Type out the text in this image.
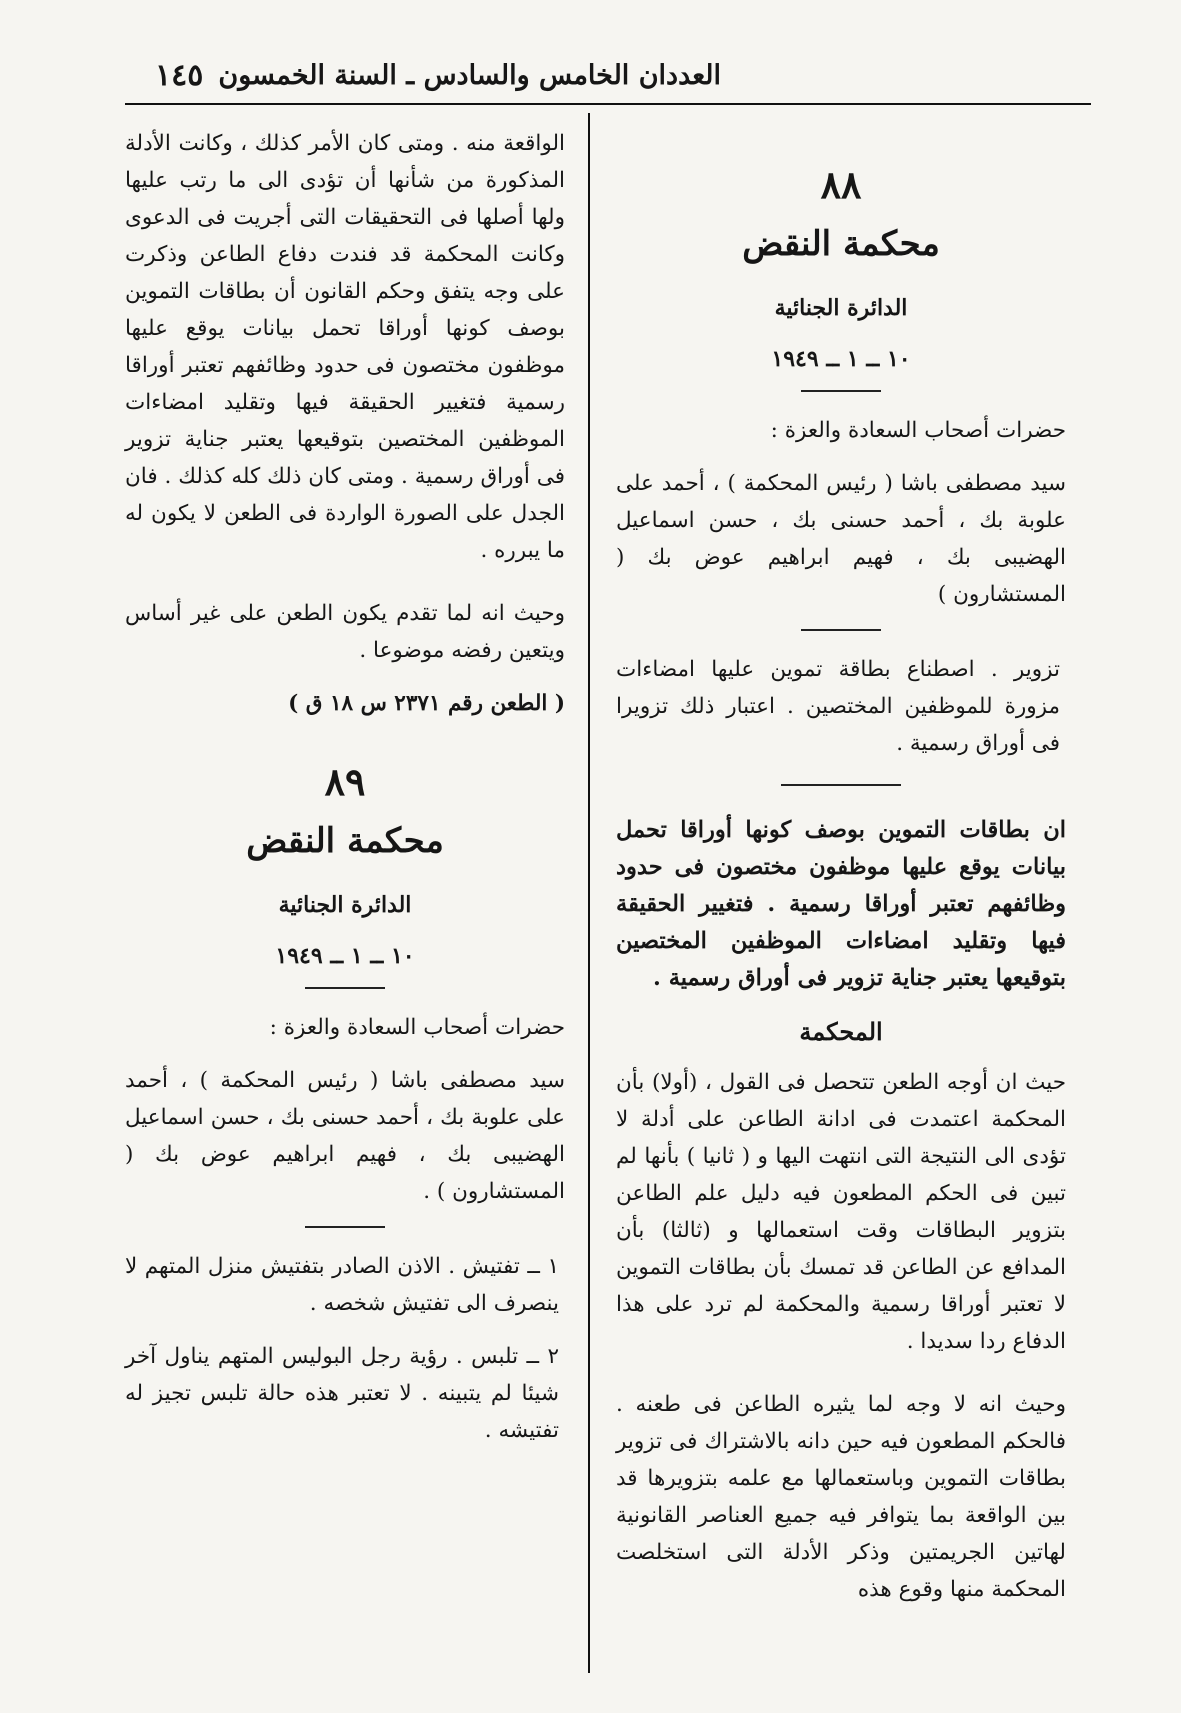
العددان الخامس والسادس ـ السنة الخمسون
١٤٥
٨٨
محكمة النقض
الدائرة الجنائية
١٠ ــ ١ ــ ١٩٤٩

حضرات أصحاب السعادة والعزة :

سيد مصطفى باشا ( رئيس المحكمة ) ، أحمد على علوبة بك ، أحمد حسنى بك ، حسن اسماعيل الهضيبى بك ، فهيم ابراهيم عوض بك ( المستشارون )

تزوير . اصطناع بطاقة تموين عليها امضاءات مزورة للموظفين المختصين . اعتبار ذلك تزويرا فى أوراق رسمية .

ان بطاقات التموين بوصف كونها أوراقا تحمل بيانات يوقع عليها موظفون مختصون فى حدود وظائفهم تعتبر أوراقا رسمية . فتغيير الحقيقة فيها وتقليد امضاءات الموظفين المختصين بتوقيعها يعتبر جناية تزوير فى أوراق رسمية .

المحكمة

حيث ان أوجه الطعن تتحصل فى القول ، (أولا) بأن المحكمة اعتمدت فى ادانة الطاعن على أدلة لا تؤدى الى النتيجة التى انتهت اليها و ( ثانيا ) بأنها لم تبين فى الحكم المطعون فيه دليل علم الطاعن بتزوير البطاقات وقت استعمالها و (ثالثا) بأن المدافع عن الطاعن قد تمسك بأن بطاقات التموين لا تعتبر أوراقا رسمية والمحكمة لم ترد على هذا الدفاع ردا سديدا .

وحيث انه لا وجه لما يثيره الطاعن فى طعنه . فالحكم المطعون فيه حين دانه بالاشتراك فى تزوير بطاقات التموين وباستعمالها مع علمه بتزويرها قد بين الواقعة بما يتوافر فيه جميع العناصر القانونية لهاتين الجريمتين وذكر الأدلة التى استخلصت المحكمة منها وقوع هذه

الواقعة منه . ومتى كان الأمر كذلك ، وكانت الأدلة المذكورة من شأنها أن تؤدى الى ما رتب عليها ولها أصلها فى التحقيقات التى أجريت فى الدعوى وكانت المحكمة قد فندت دفاع الطاعن وذكرت على وجه يتفق وحكم القانون أن بطاقات التموين بوصف كونها أوراقا تحمل بيانات يوقع عليها موظفون مختصون فى حدود وظائفهم تعتبر أوراقا رسمية فتغيير الحقيقة فيها وتقليد امضاءات الموظفين المختصين بتوقيعها يعتبر جناية تزوير فى أوراق رسمية . ومتى كان ذلك كله كذلك . فان الجدل على الصورة الواردة فى الطعن لا يكون له ما يبرره .

وحيث انه لما تقدم يكون الطعن على غير أساس ويتعين رفضه موضوعا .

( الطعن رقم ٢٣٧١ س ١٨ ق )

٨٩
محكمة النقض
الدائرة الجنائية
١٠ ــ ١ ــ ١٩٤٩

حضرات أصحاب السعادة والعزة :

سيد مصطفى باشا ( رئيس المحكمة ) ، أحمد على علوبة بك ، أحمد حسنى بك ، حسن اسماعيل الهضيبى بك ، فهيم ابراهيم عوض بك ( المستشارون ) .

١ ــ تفتيش . الاذن الصادر بتفتيش منزل المتهم لا ينصرف الى تفتيش شخصه .

٢ ــ تلبس . رؤية رجل البوليس المتهم يناول آخر شيئا لم يتبينه . لا تعتبر هذه حالة تلبس تجيز له تفتيشه .
